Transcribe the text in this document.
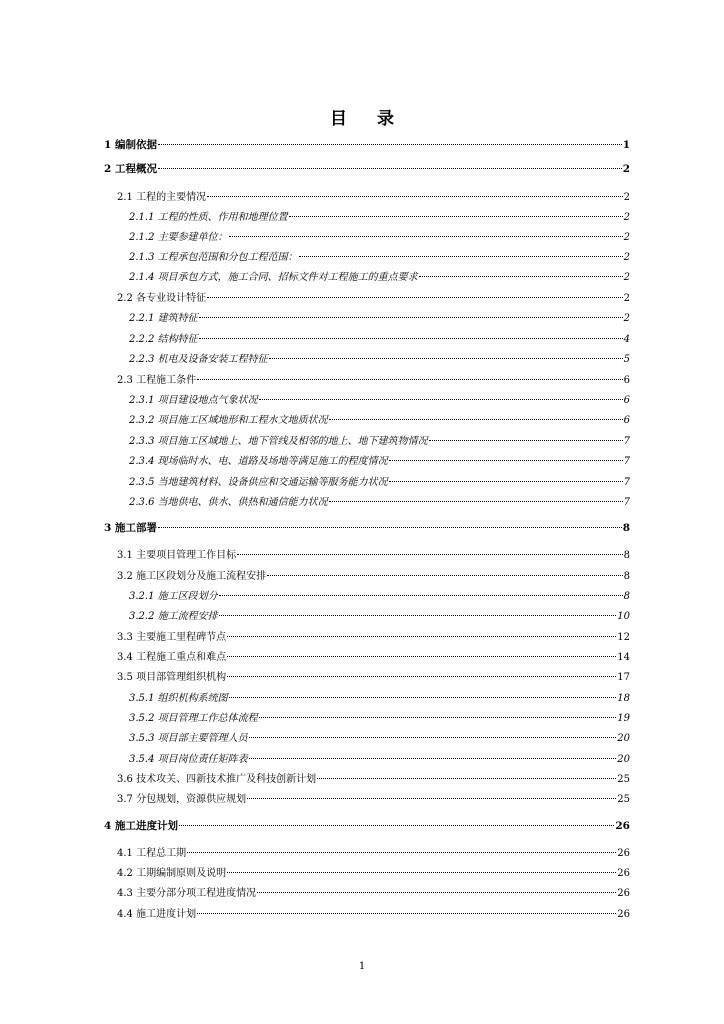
目录
1 编制依据	1
2 工程概况	2
2.1 工程的主要情况	2
2.1.1 工程的性质、作用和地理位置	2
2.1.2 主要参建单位：	2
2.1.3 工程承包范围和分包工程范围：	2
2.1.4 项目承包方式，施工合同、招标文件对工程施工的重点要求	2
2.2 各专业设计特征	2
2.2.1 建筑特征	2
2.2.2 结构特征	4
2.2.3 机电及设备安装工程特征	5
2.3 工程施工条件	6
2.3.1 项目建设地点气象状况	6
2.3.2 项目施工区域地形和工程水文地质状况	6
2.3.3 项目施工区域地上、地下管线及相邻的地上、地下建筑物情况	7
2.3.4 现场临时水、电、道路及场地等满足施工的程度情况	7
2.3.5 当地建筑材料、设备供应和交通运输等服务能力状况	7
2.3.6 当地供电、供水、供热和通信能力状况	7
3 施工部署	8
3.1 主要项目管理工作目标	8
3.2 施工区段划分及施工流程安排	8
3.2.1 施工区段划分	8
3.2.2 施工流程安排	10
3.3 主要施工里程碑节点	12
3.4 工程施工重点和难点	14
3.5 项目部管理组织机构	17
3.5.1 组织机构系统图	18
3.5.2 项目管理工作总体流程	19
3.5.3 项目部主要管理人员	20
3.5.4 项目岗位责任矩阵表	20
3.6 技术攻关、四新技术推广及科技创新计划	25
3.7 分包规划，资源供应规划	25
4 施工进度计划	26
4.1 工程总工期	26
4.2 工期编制原则及说明	26
4.3 主要分部分项工程进度情况	26
4.4 施工进度计划	26
1
